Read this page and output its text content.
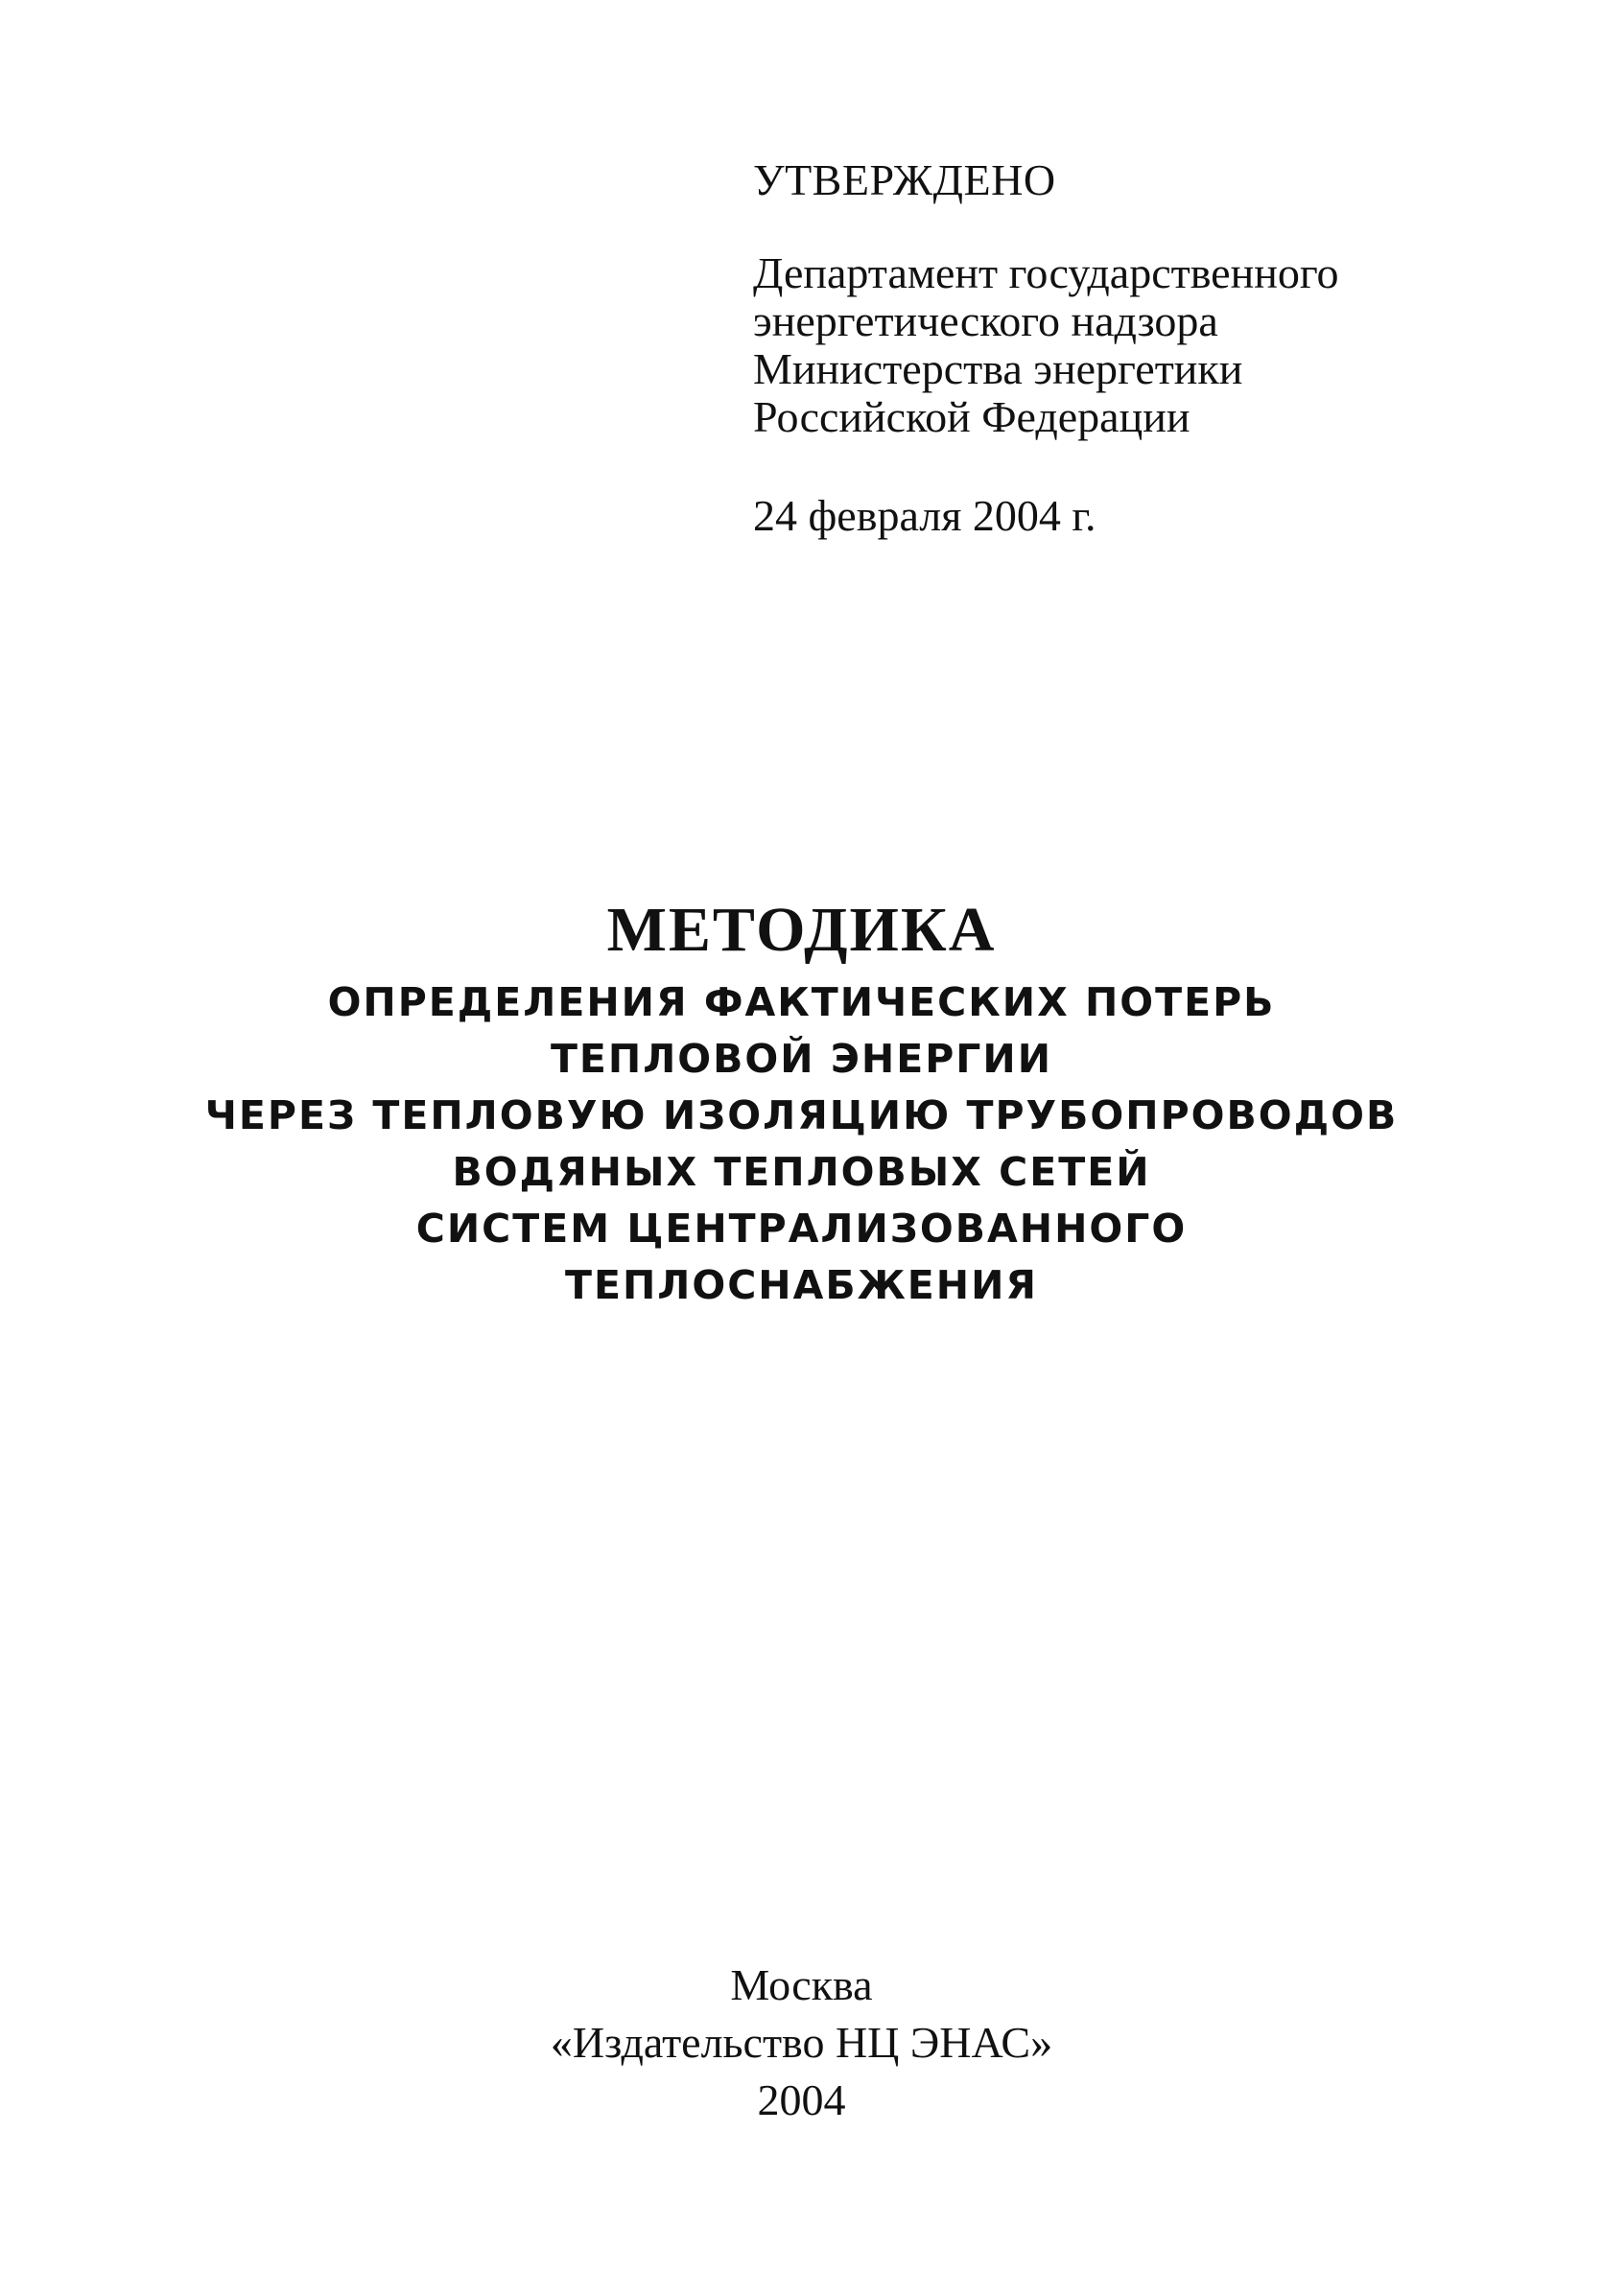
УТВЕРЖДЕНО

Департамент государственного
энергетического надзора
Министерства энергетики
Российской Федерации

24 февраля 2004 г.

МЕТОДИКА
ОПРЕДЕЛЕНИЯ ФАКТИЧЕСКИХ ПОТЕРЬ
ТЕПЛОВОЙ ЭНЕРГИИ
ЧЕРЕЗ ТЕПЛОВУЮ ИЗОЛЯЦИЮ ТРУБОПРОВОДОВ
ВОДЯНЫХ ТЕПЛОВЫХ СЕТЕЙ
СИСТЕМ ЦЕНТРАЛИЗОВАННОГО
ТЕПЛОСНАБЖЕНИЯ
Москва
«Издательство НЦ ЭНАС»
2004
